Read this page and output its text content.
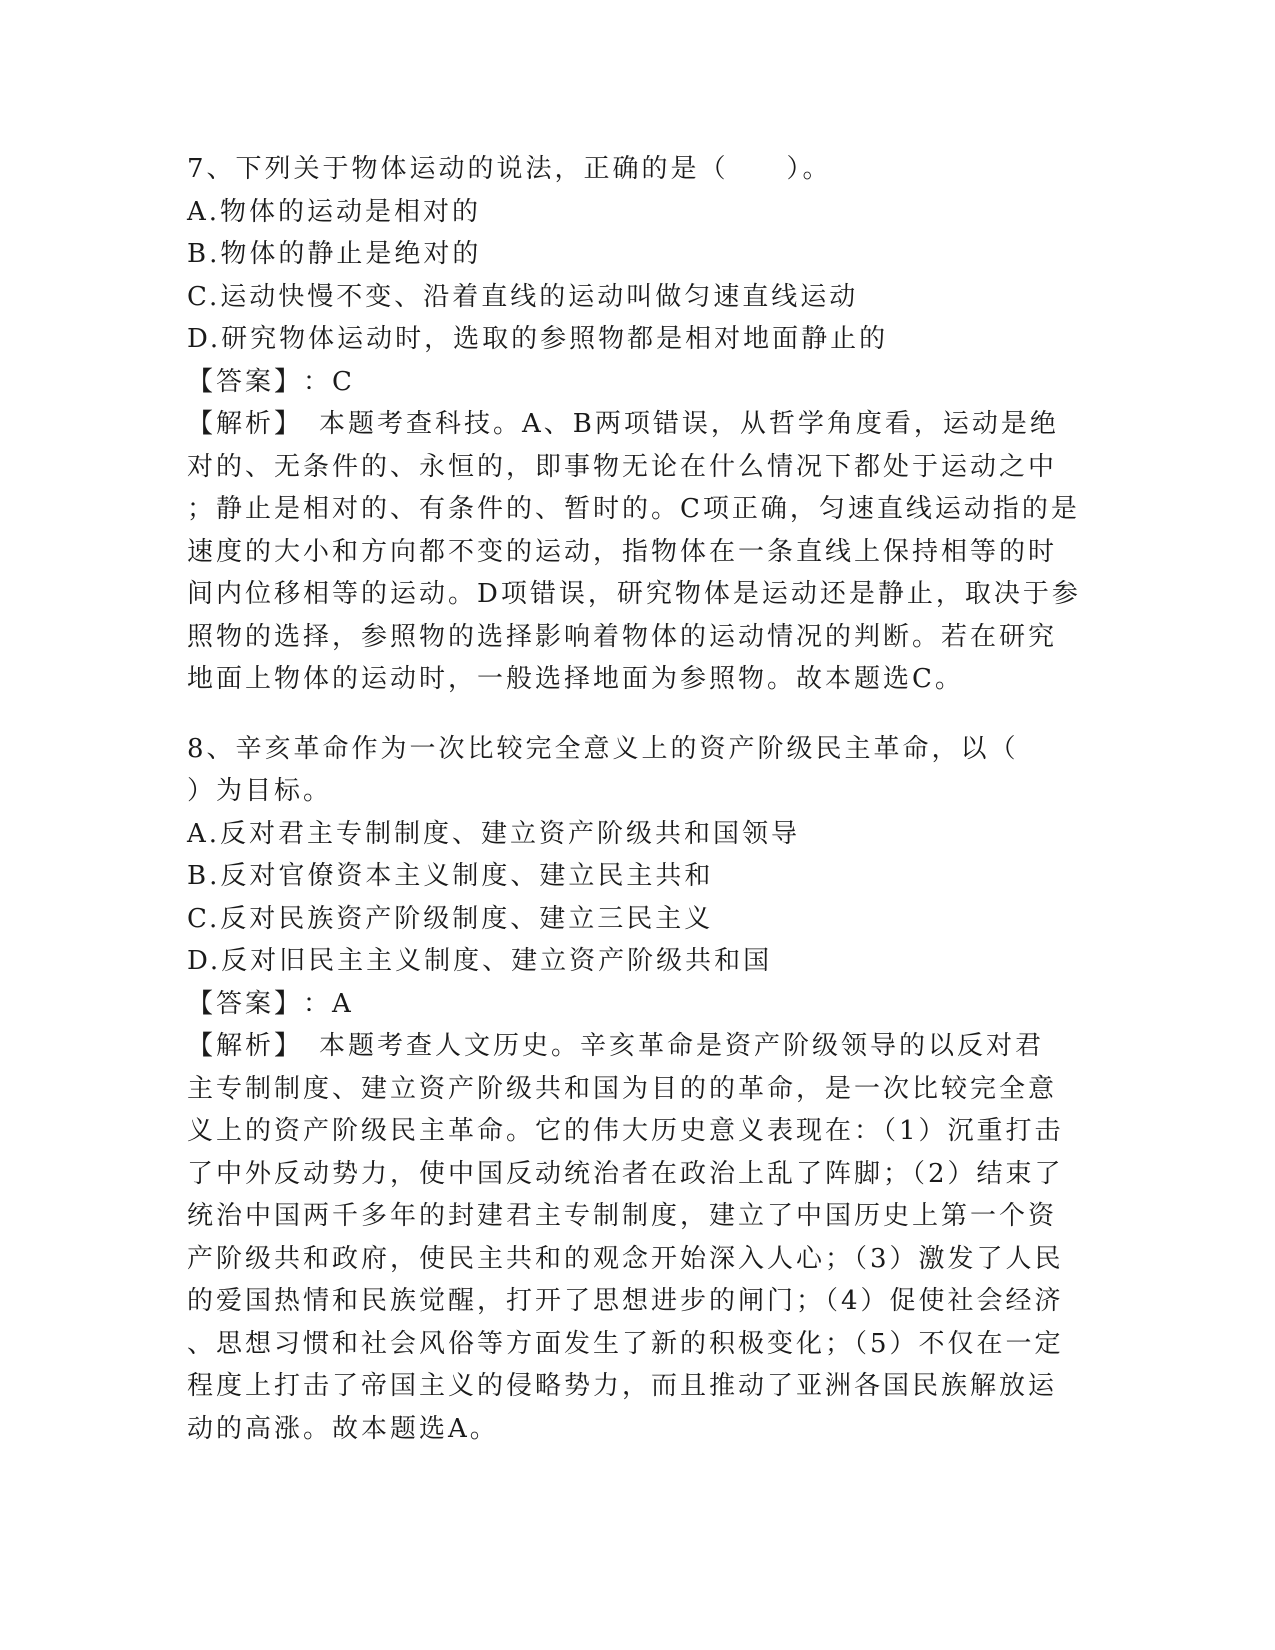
7、下列关于物体运动的说法，正确的是（　　）。
A.物体的运动是相对的
B.物体的静止是绝对的
C.运动快慢不变、沿着直线的运动叫做匀速直线运动
D.研究物体运动时，选取的参照物都是相对地面静止的
【答案】：C
【解析】　本题考查科技。A、B两项错误，从哲学角度看，运动是绝
对的、无条件的、永恒的，即事物无论在什么情况下都处于运动之中
；静止是相对的、有条件的、暂时的。C项正确，匀速直线运动指的是
速度的大小和方向都不变的运动，指物体在一条直线上保持相等的时
间内位移相等的运动。D项错误，研究物体是运动还是静止，取决于参
照物的选择，参照物的选择影响着物体的运动情况的判断。若在研究
地面上物体的运动时，一般选择地面为参照物。故本题选C。
8、辛亥革命作为一次比较完全意义上的资产阶级民主革命，以（
）为目标。
A.反对君主专制制度、建立资产阶级共和国领导
B.反对官僚资本主义制度、建立民主共和
C.反对民族资产阶级制度、建立三民主义
D.反对旧民主主义制度、建立资产阶级共和国
【答案】：A
【解析】　本题考查人文历史。辛亥革命是资产阶级领导的以反对君
主专制制度、建立资产阶级共和国为目的的革命，是一次比较完全意
义上的资产阶级民主革命。它的伟大历史意义表现在：（1）沉重打击
了中外反动势力，使中国反动统治者在政治上乱了阵脚；（2）结束了
统治中国两千多年的封建君主专制制度，建立了中国历史上第一个资
产阶级共和政府，使民主共和的观念开始深入人心；（3）激发了人民
的爱国热情和民族觉醒，打开了思想进步的闸门；（4）促使社会经济
、思想习惯和社会风俗等方面发生了新的积极变化；（5）不仅在一定
程度上打击了帝国主义的侵略势力，而且推动了亚洲各国民族解放运
动的高涨。故本题选A。
